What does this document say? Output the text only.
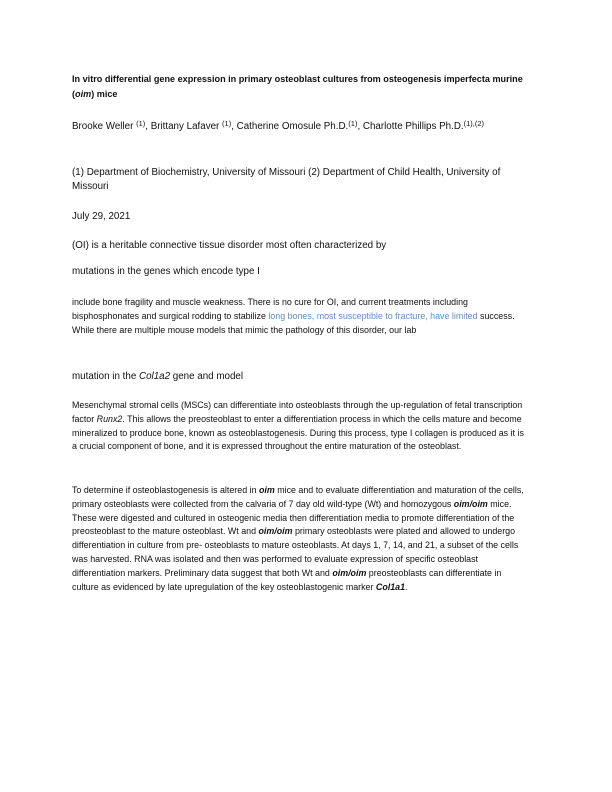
In vitro differential gene expression in primary osteoblast cultures from osteogenesis imperfecta murine (oim) mice

Brooke Weller $^{(1)}$, Brittany Lafaver $^{(1)}$, Catherine Omosule Ph.D.$^{(1)}$, Charlotte Phillips Ph.D.$^{(1),(2)}$

(1) Department of Biochemistry, University of Missouri (2) Department of Child Health, University of Missouri

July 29, 2021

(OI) is a heritable connective tissue disorder most often characterized by

mutations in the genes which encode type I

include bone fragility and muscle weakness. There is no cure for OI, and current treatments including bisphosphonates and surgical rodding to stabilize long bones, most susceptible to fracture, have limited success. While there are multiple mouse models that mimic the pathology of this disorder, our lab

mutation in the Col1a2 gene and model

Mesenchymal stromal cells (MSCs) can differentiate into osteoblasts through the up-regulation of fetal transcription factor Runx2. This allows the preosteoblast to enter a differentiation process in which the cells mature and become mineralized to produce bone, known as osteoblastogenesis. During this process, type I collagen is produced as it is a crucial component of bone, and it is expressed throughout the entire maturation of the osteoblast.

To determine if osteoblastogenesis is altered in oim mice and to evaluate differentiation and maturation of the cells, primary osteoblasts were collected from the calvaria of 7 day old wild-type (Wt) and homozygous oim/oim mice. These were digested and cultured in osteogenic media then differentiation media to promote differentiation of the preosteoblast to the mature osteoblast. Wt and oim/oim primary osteoblasts were plated and allowed to undergo differentiation in culture from pre- osteoblasts to mature osteoblasts. At days 1, 7, 14, and 21, a subset of the cells was harvested. RNA was isolated and then was performed to evaluate expression of specific osteoblast differentiation markers. Preliminary data suggest that both Wt and oim/oim preosteoblasts can differentiate in culture as evidenced by late upregulation of the key osteoblastogenic marker Col1a1.
